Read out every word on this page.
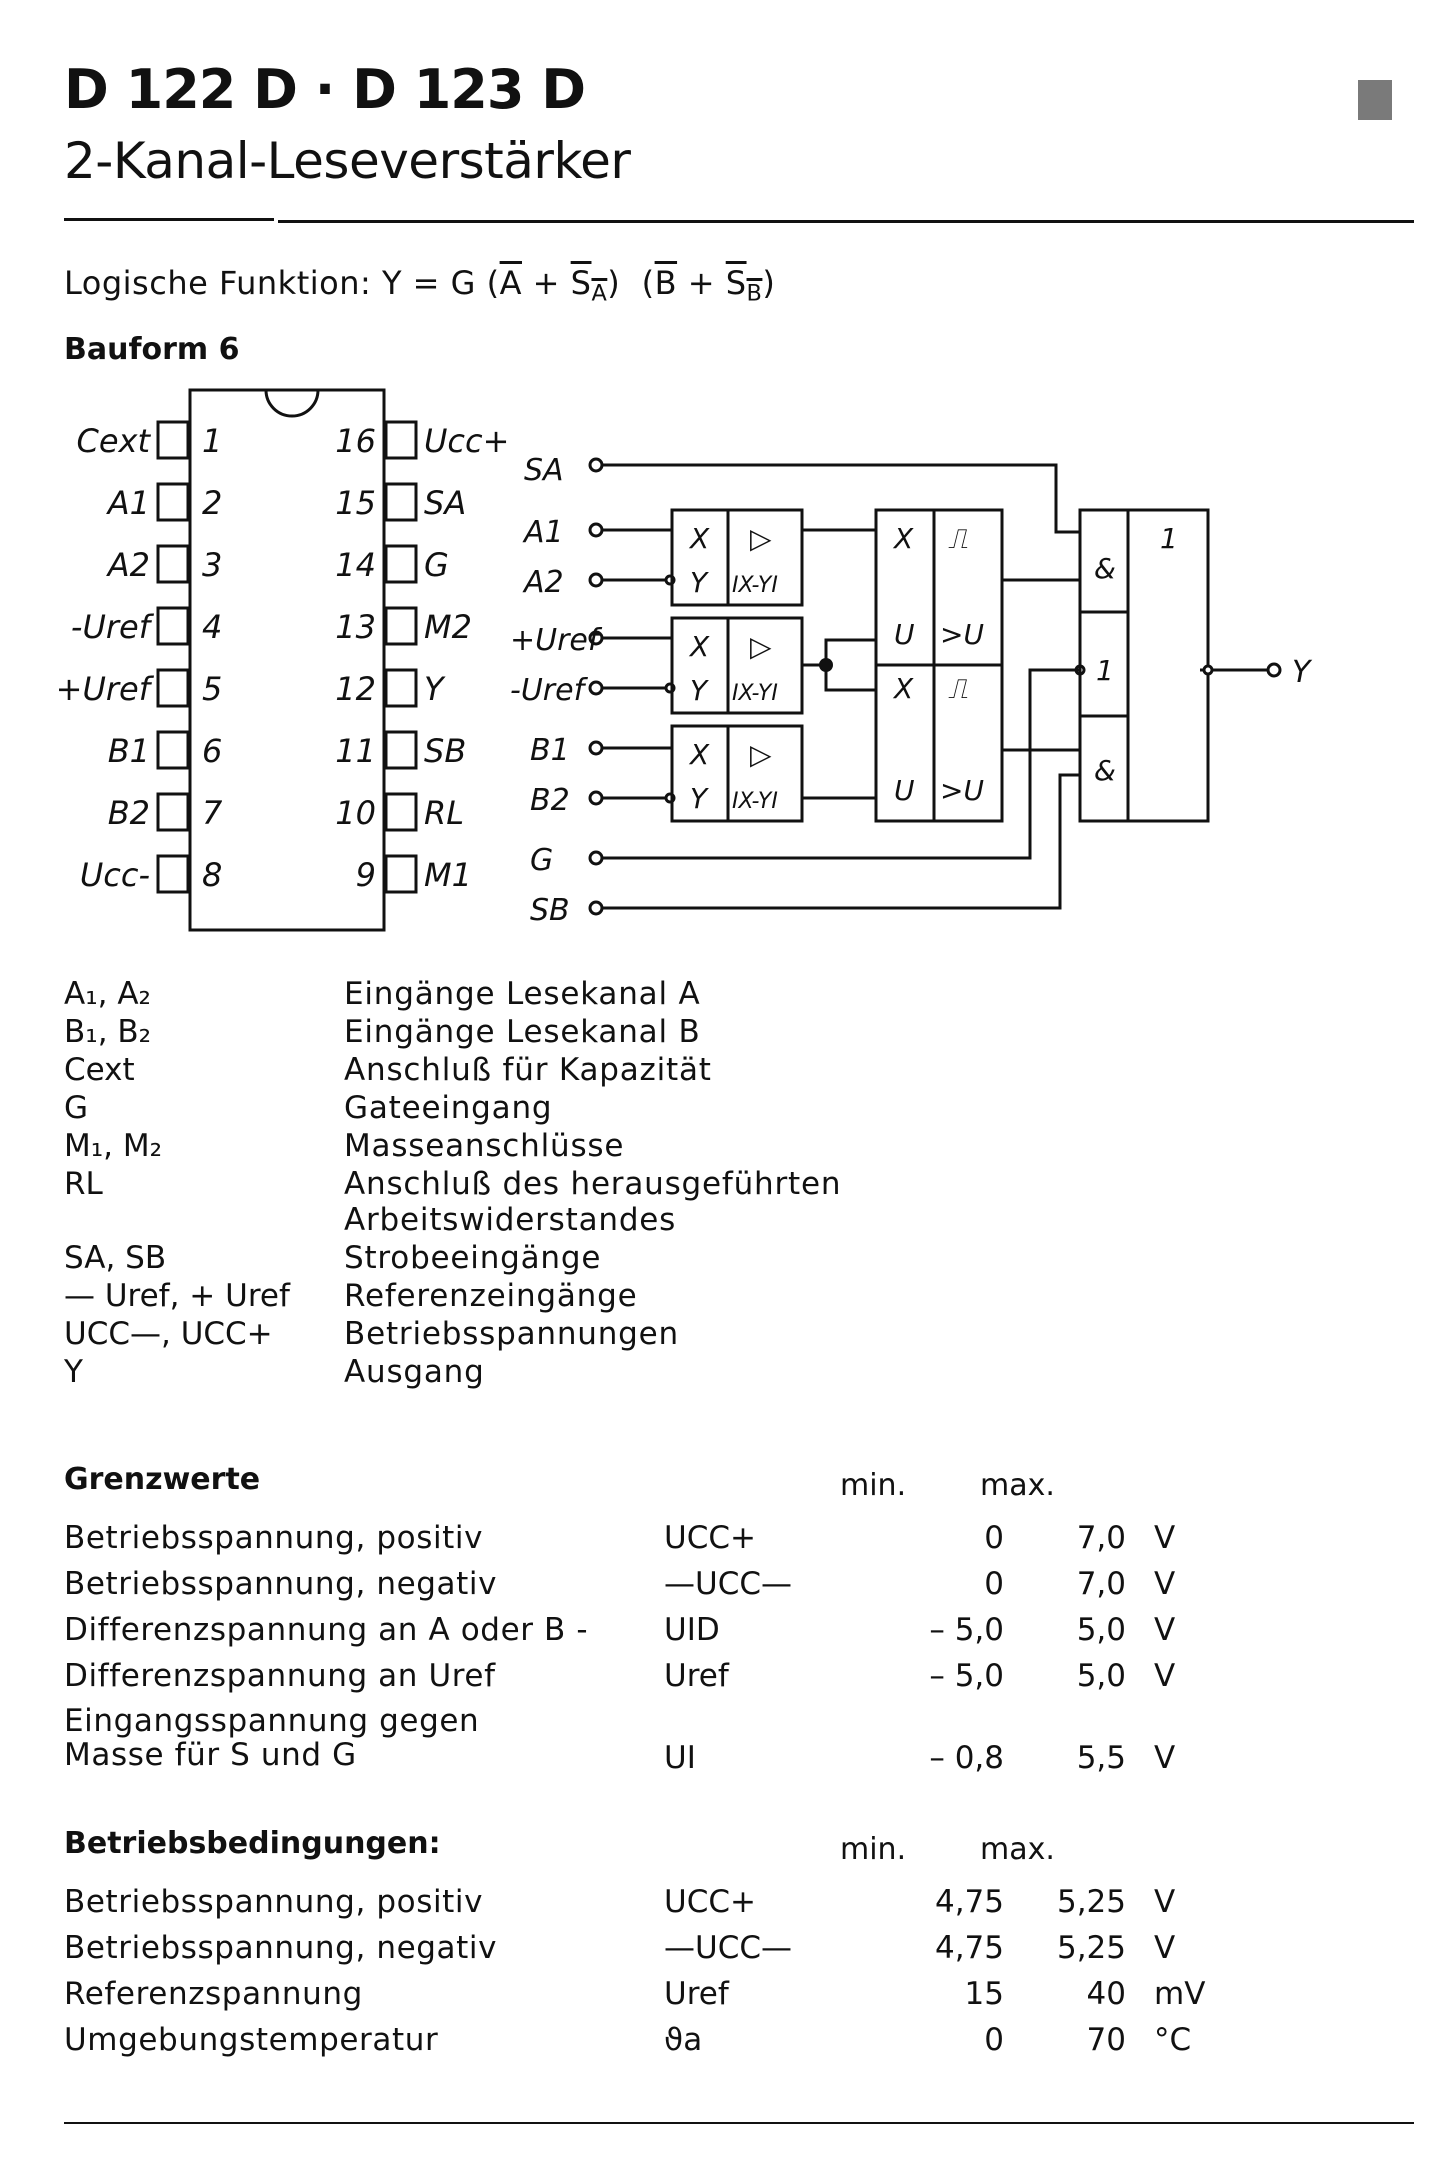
D 122 D · D 123 D
2-Kanal-Leseverstärker
Logische Funktion: Y = G $(\overline{A} + S_A) (\overline{B} + S_B)$
Bauform 6
Cext 1
A1 2
A2 3
-Uref 4
+Uref 5
B1 6
B2 7
Ucc- 8
16 Ucc+
15 SA
14 G
13 M2
12 Y
11 SB
10 RL
9 M1
SA
A1
A2
+Uref
-Uref
B1
B2
G
SB
Y
X
Y
▷
IX-YI
X
Y
▷
IX-YI
X
Y
▷
IX-YI
X ⎍
U >U
X ⎍
U >U
&
1
&
1
A₁, A₂	Eingänge Lesekanal A
B₁, B₂	Eingänge Lesekanal B
Cext	Anschluß für Kapazität
G	Gateeingang
M₁, M₂	Masseanschlüsse
RL	Anschluß des herausgeführten Arbeitswiderstandes
SA, SB	Strobeeingänge
— Uref, + Uref Referenzeingänge
UCC—, UCC+ Betriebsspannungen
Y	Ausgang
Grenzwerte	min. max.
Betriebsspannung, positiv	UCC+	0	7,0 V
Betriebsspannung, negativ	—UCC—	0	7,0 V
Differenzspannung an A oder B - UID	– 5,0	5,0 V
Differenzspannung an Uref	Uref	– 5,0	5,0 V
Eingangsspannung gegen
Masse für S und G	UI	– 0,8	5,5 V
Betriebsbedingungen:	min. max.
Betriebsspannung, positiv	UCC+	4,75	5,25 V
Betriebsspannung, negativ	—UCC—	4,75	5,25 V
Referenzspannung	Uref	15	40 mV
Umgebungstemperatur	ϑa	0	70 °C
